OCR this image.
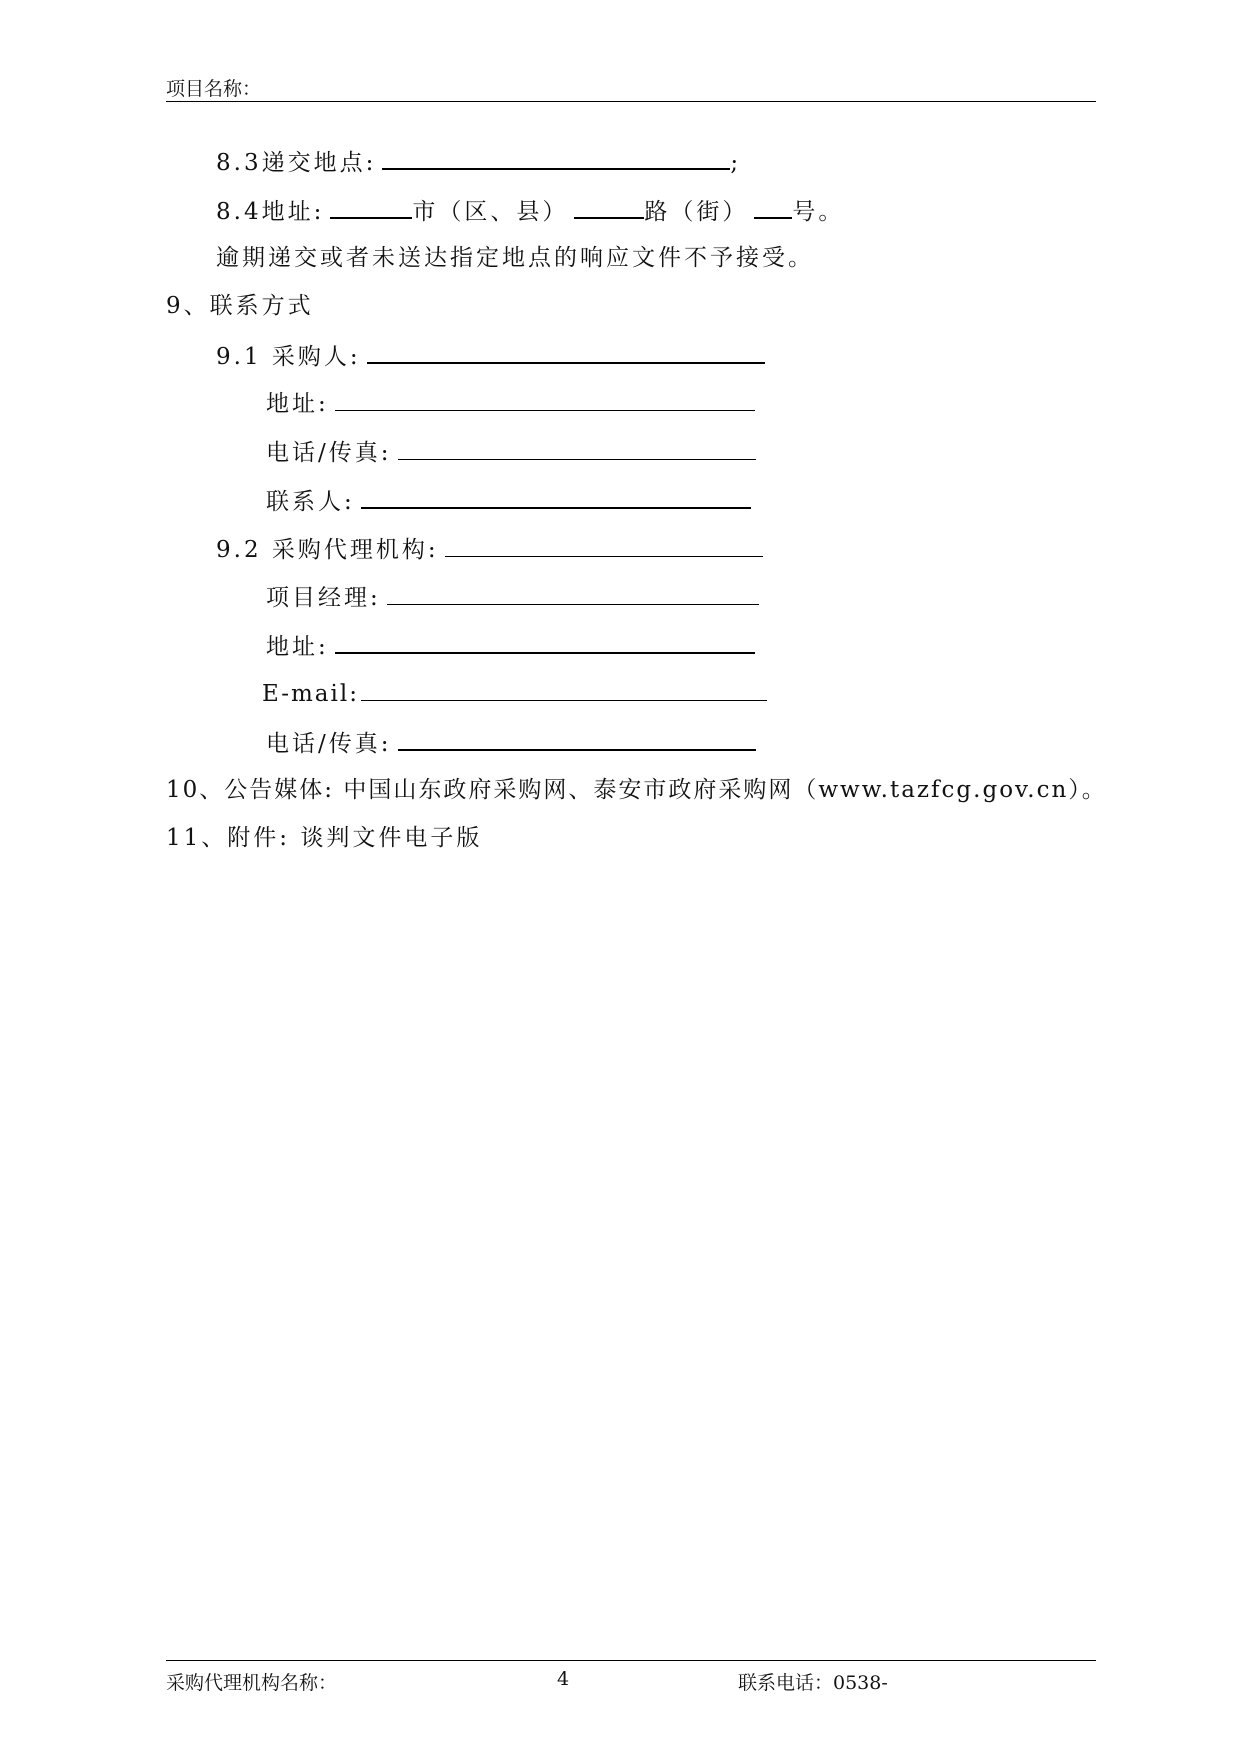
项目名称：
8.3递交地点:	;
8.4地址:	市（区、县）	路（街） 号。
逾期递交或者未送达指定地点的响应文件不予接受。
9、联系方式
9.1 采购人:
地址:
电话/传真:
联系人:
9.2 采购代理机构:
项目经理:
地址:
E-mail:
电话/传真:
10、公告媒体: 中国山东政府采购网、泰安市政府采购网（www.tazfcg.gov.cn）。
11、附件: 谈判文件电子版
采购代理机构名称：	4	联系电话：0538-
